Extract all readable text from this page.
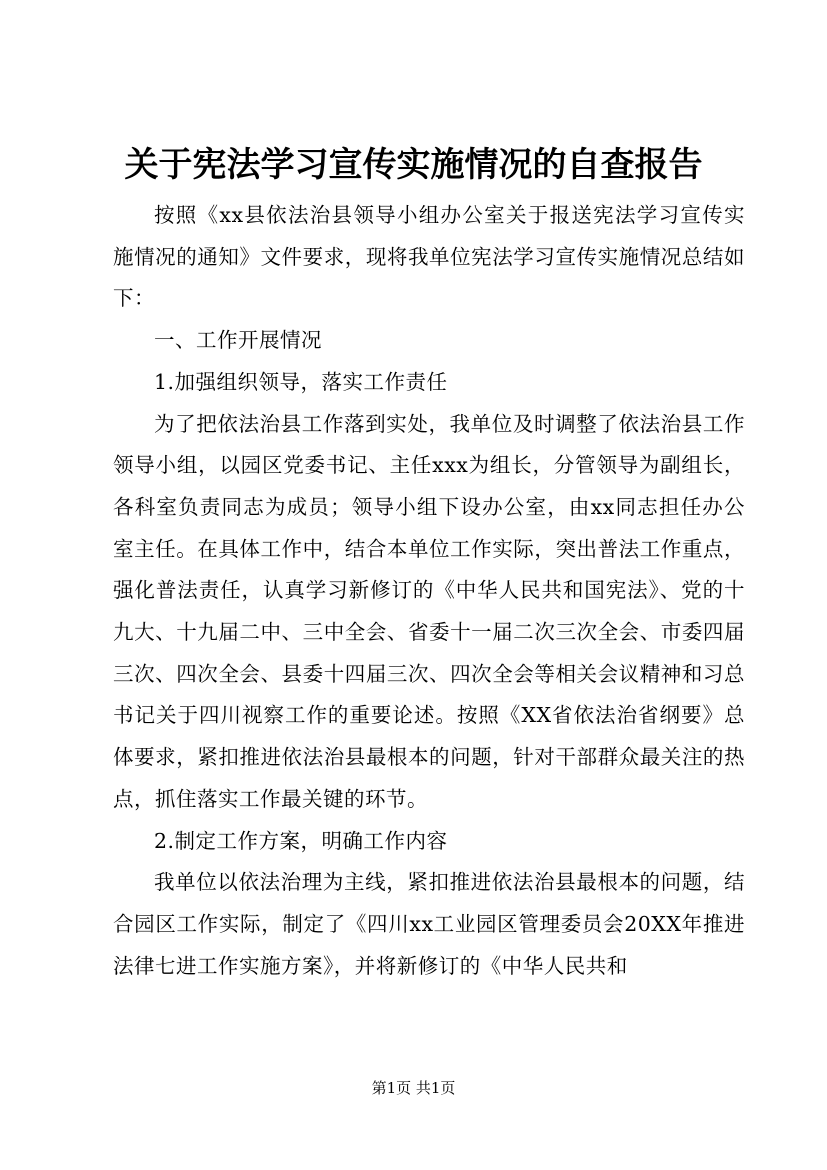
关于宪法学习宣传实施情况的自查报告

按照《xx县依法治县领导小组办公室关于报送宪法学习宣传实施情况的通知》文件要求，现将我单位宪法学习宣传实施情况总结如下：

一、工作开展情况

1.加强组织领导，落实工作责任

为了把依法治县工作落到实处，我单位及时调整了依法治县工作领导小组，以园区党委书记、主任xxx为组长，分管领导为副组长，各科室负责同志为成员；领导小组下设办公室，由xx同志担任办公室主任。在具体工作中，结合本单位工作实际，突出普法工作重点，强化普法责任，认真学习新修订的《中华人民共和国宪法》、党的十九大、十九届二中、三中全会、省委十一届二次三次全会、市委四届三次、四次全会、县委十四届三次、四次全会等相关会议精神和习总书记关于四川视察工作的重要论述。按照《XX省依法治省纲要》总体要求，紧扣推进依法治县最根本的问题，针对干部群众最关注的热点，抓住落实工作最关键的环节。

2.制定工作方案，明确工作内容

我单位以依法治理为主线，紧扣推进依法治县最根本的问题，结合园区工作实际，制定了《四川xx工业园区管理委员会20XX年推进法律七进工作实施方案》，并将新修订的《中华人民共和

第1页 共1页
